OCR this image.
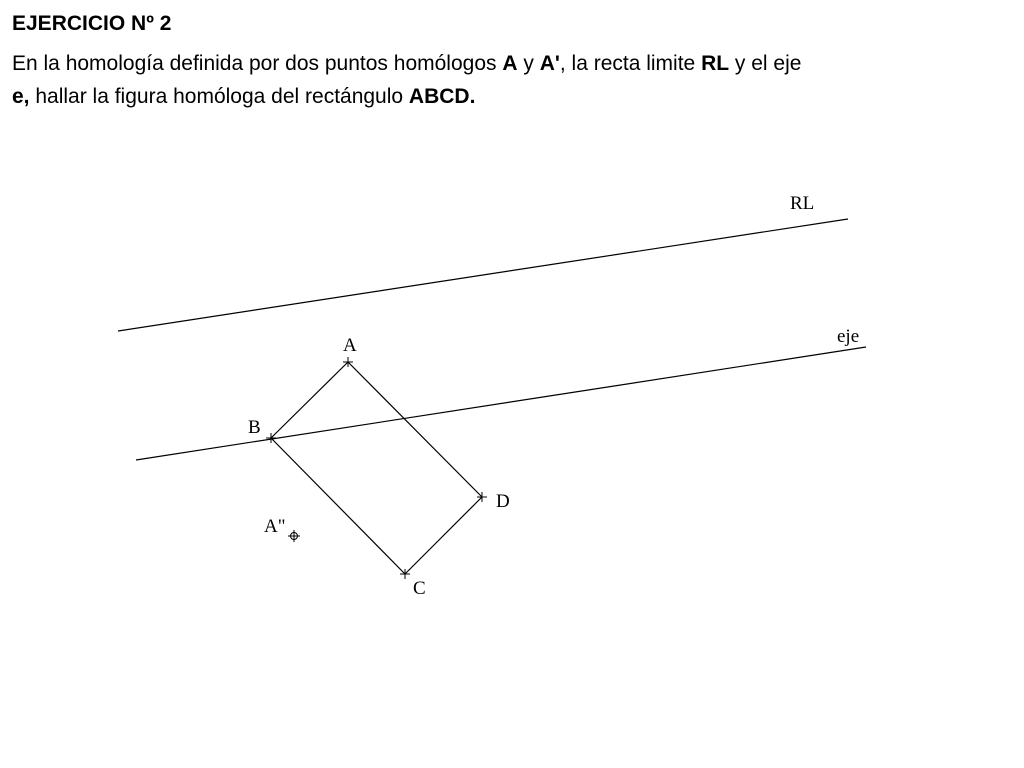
EJERCICIO Nº 2

En la homología definida por dos puntos homólogos A y A', la recta limite RL y el eje
e, hallar la figura homóloga del rectángulo ABCD.

RL
eje
A
B
C
D
A"
